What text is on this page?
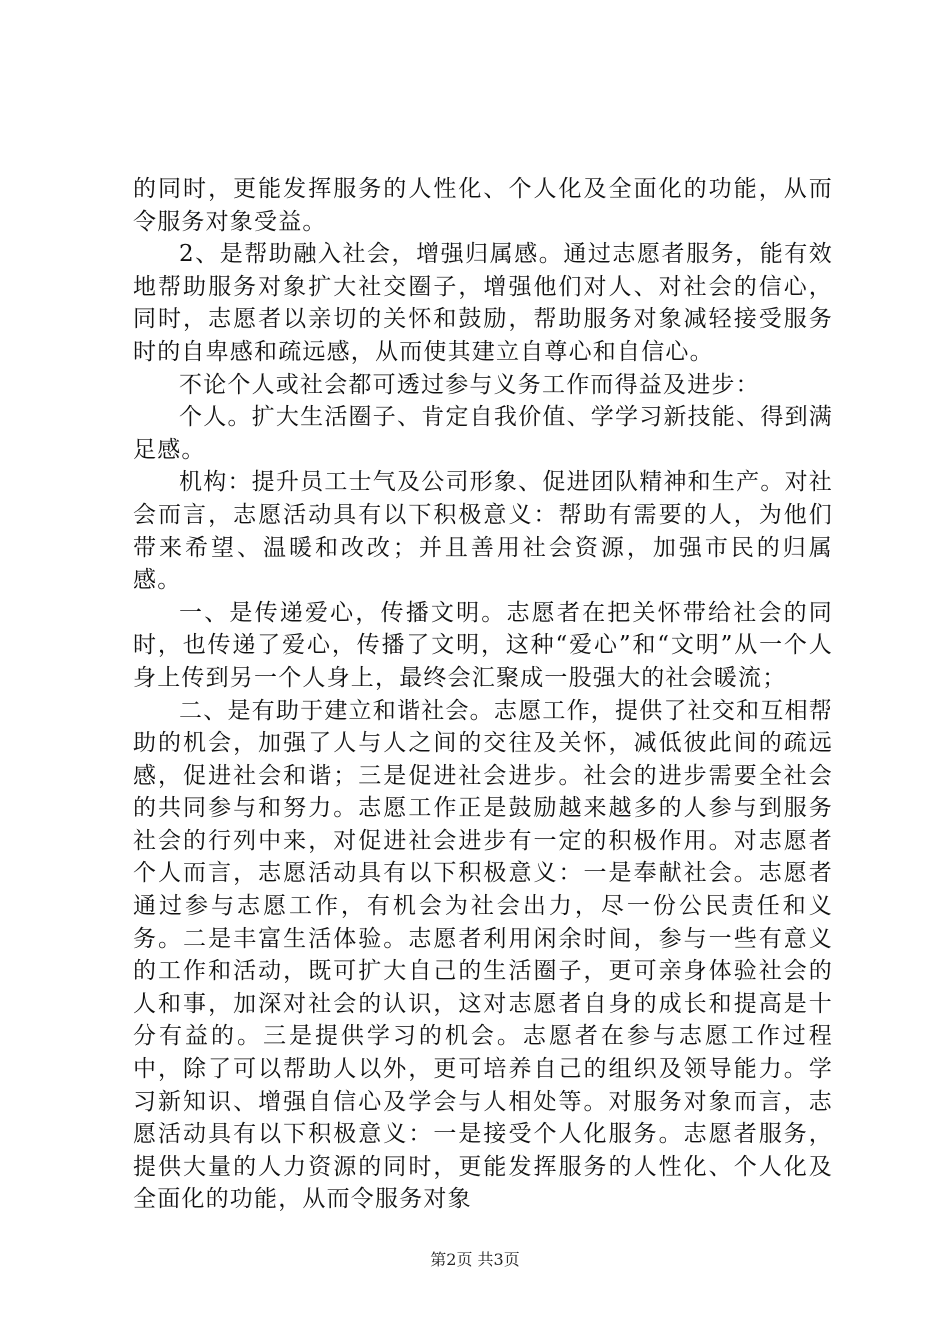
的同时，更能发挥服务的人性化、个人化及全面化的功能，从而令服务对象受益。

2、是帮助融入社会，增强归属感。通过志愿者服务，能有效地帮助服务对象扩大社交圈子，增强他们对人、对社会的信心，同时，志愿者以亲切的关怀和鼓励，帮助服务对象减轻接受服务时的自卑感和疏远感，从而使其建立自尊心和自信心。

不论个人或社会都可透过参与义务工作而得益及进步：

个人。扩大生活圈子、肯定自我价值、学学习新技能、得到满足感。

机构：提升员工士气及公司形象、促进团队精神和生产。对社会而言，志愿活动具有以下积极意义：帮助有需要的人，为他们带来希望、温暖和改改；并且善用社会资源，加强市民的归属感。

一、是传递爱心，传播文明。志愿者在把关怀带给社会的同时，也传递了爱心，传播了文明，这种“爱心”和“文明”从一个人身上传到另一个人身上，最终会汇聚成一股强大的社会暖流；

二、是有助于建立和谐社会。志愿工作，提供了社交和互相帮助的机会，加强了人与人之间的交往及关怀，减低彼此间的疏远感，促进社会和谐；三是促进社会进步。社会的进步需要全社会的共同参与和努力。志愿工作正是鼓励越来越多的人参与到服务社会的行列中来，对促进社会进步有一定的积极作用。对志愿者个人而言，志愿活动具有以下积极意义：一是奉献社会。志愿者通过参与志愿工作，有机会为社会出力，尽一份公民责任和义务。二是丰富生活体验。志愿者利用闲余时间，参与一些有意义的工作和活动，既可扩大自己的生活圈子，更可亲身体验社会的人和事，加深对社会的认识，这对志愿者自身的成长和提高是十分有益的。三是提供学习的机会。志愿者在参与志愿工作过程中，除了可以帮助人以外，更可培养自己的组织及领导能力。学习新知识、增强自信心及学会与人相处等。对服务对象而言，志愿活动具有以下积极意义：一是接受个人化服务。志愿者服务，提供大量的人力资源的同时，更能发挥服务的人性化、个人化及全面化的功能，从而令服务对象

第2页 共3页
